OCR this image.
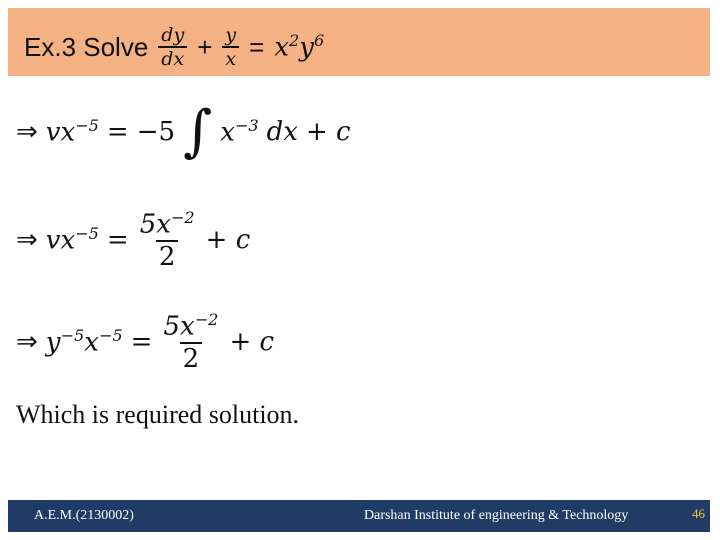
Ex.3 Solve $\frac{dy}{dx} + \frac{y}{x} = x^2y^6$
⇒ $vx^{-5} = -5$ ∫ $x^{-3}$ dx + c
⇒ $vx^{-5} = \frac{5x^{-2}}{2} + c$
⇒ $y^{-5}x^{-5} = \frac{5x^{-2}}{2} + c$
Which is required solution.
A.E.M.(2130002)	Darshan Institute of engineering & Technology	46
